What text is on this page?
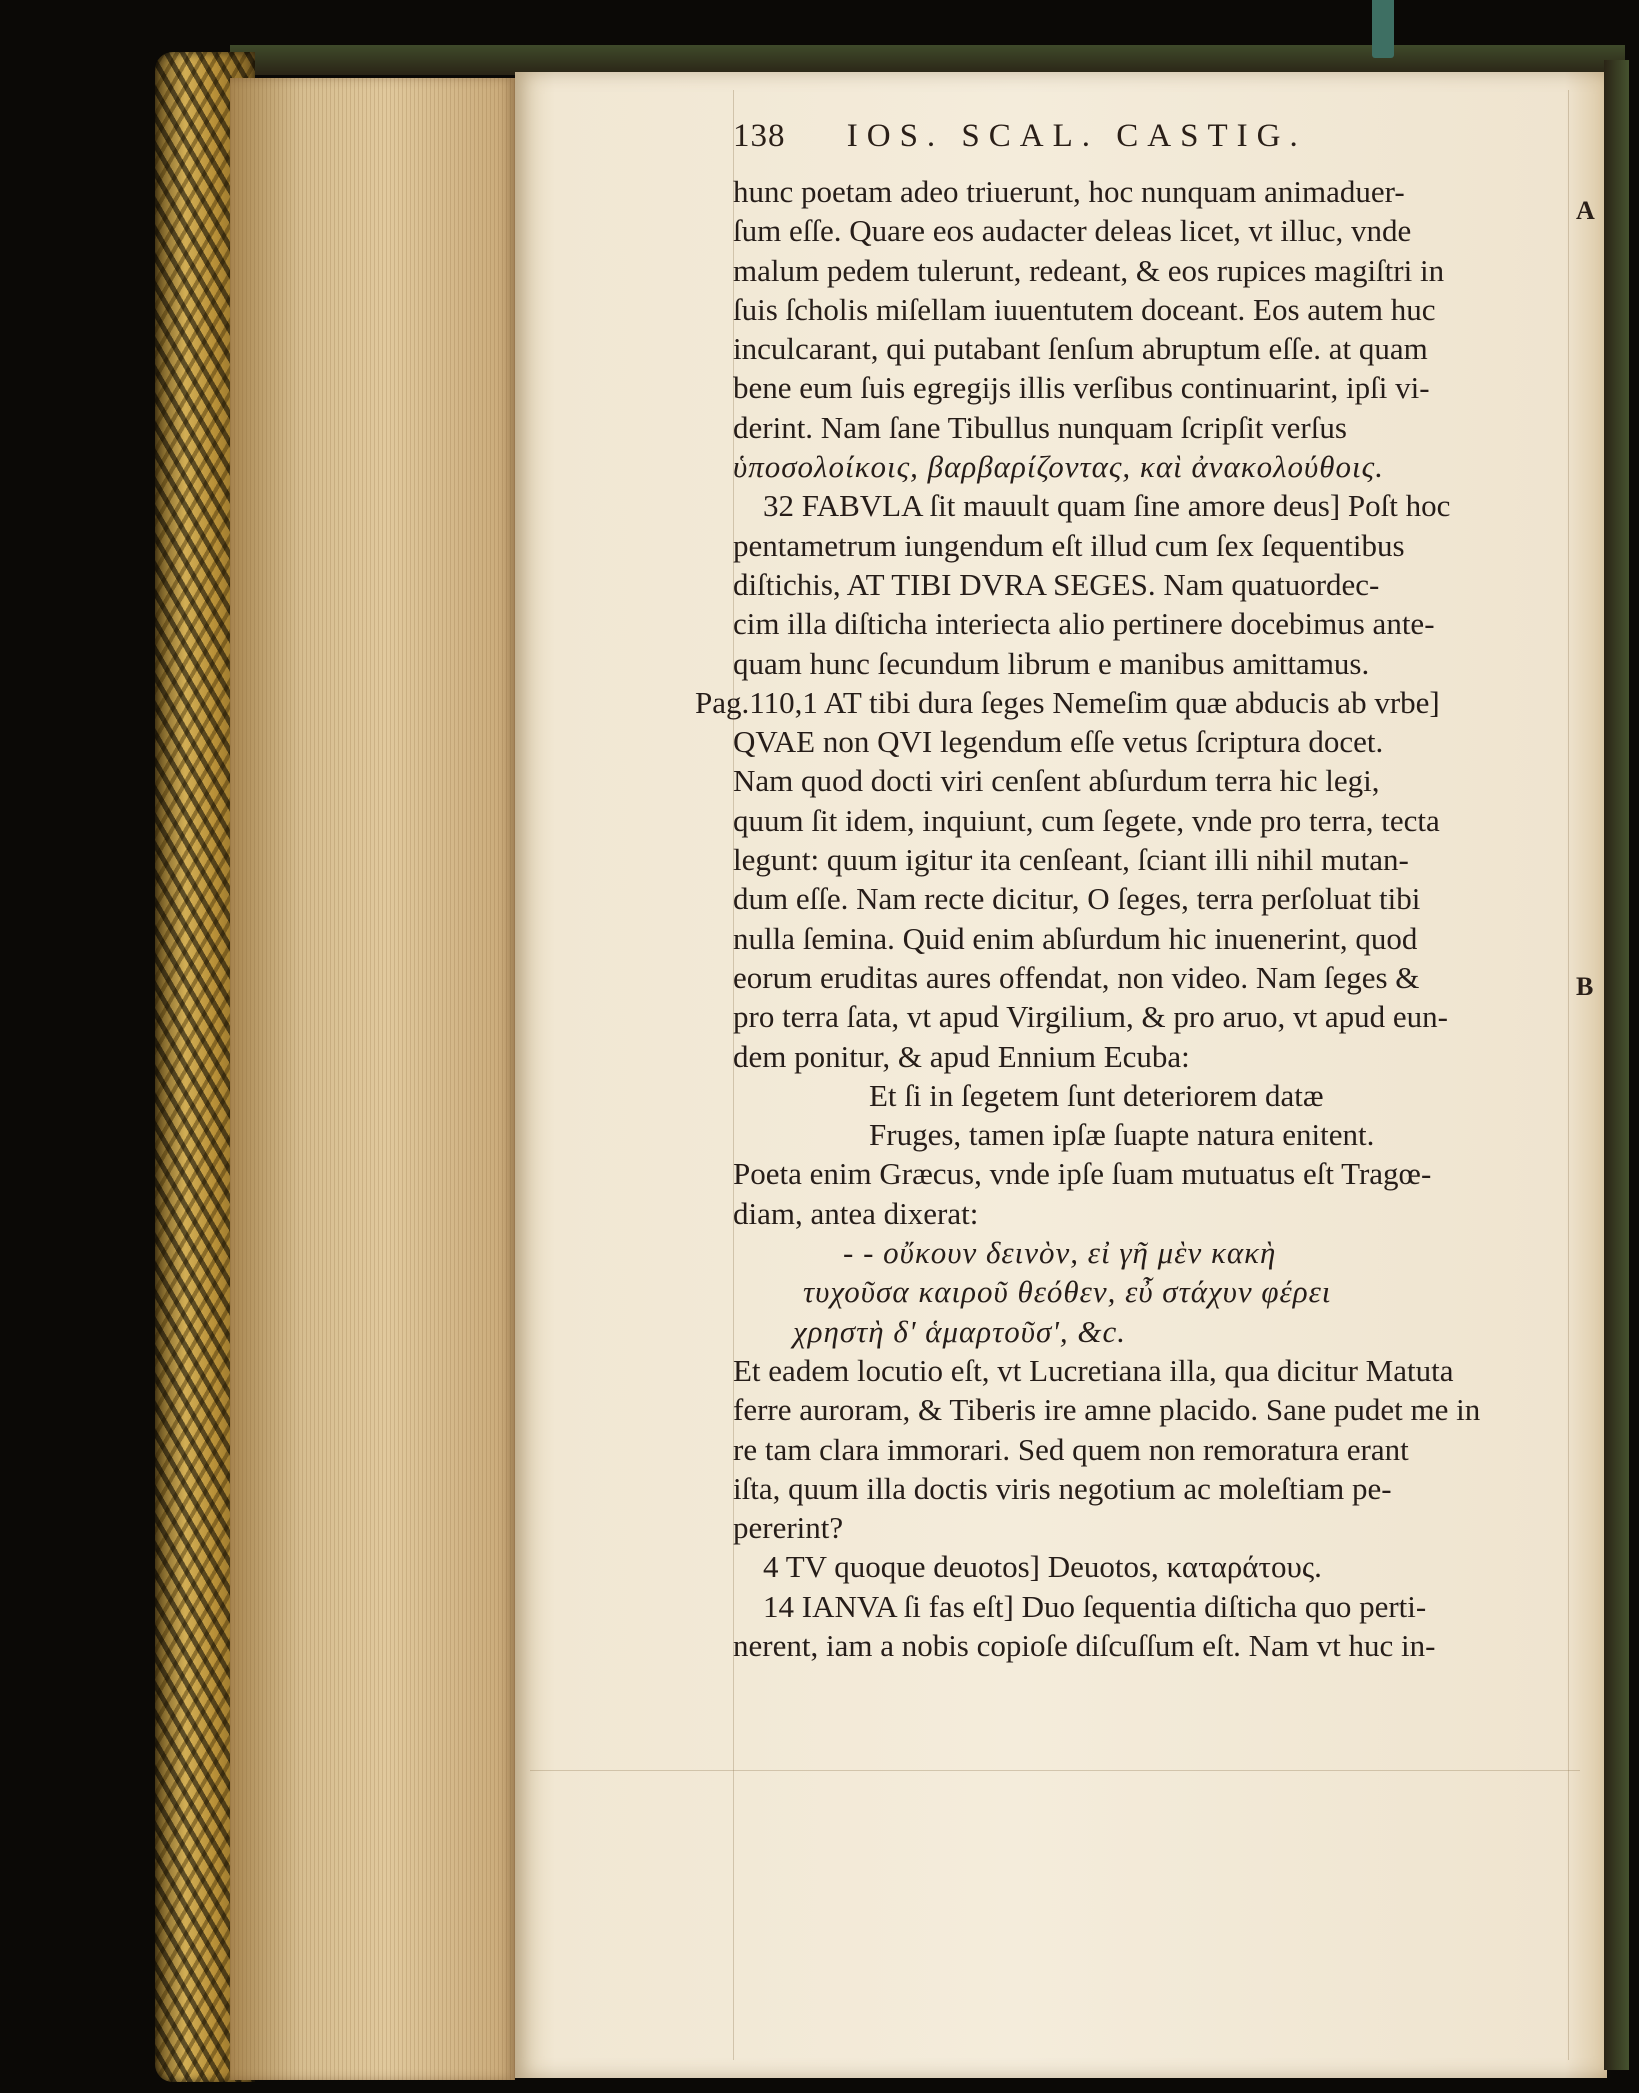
138 IOS. SCAL. CASTIG.
A
B
hunc poetam adeo triuerunt, hoc nunquam animaduer-
ſum eſſe. Quare eos audacter deleas licet, vt illuc, vnde
malum pedem tulerunt, redeant, & eos rupices magiſtri in
ſuis ſcholis miſellam iuuentutem doceant. Eos autem huc
inculcarant, qui putabant ſenſum abruptum eſſe. at quam
bene eum ſuis egregijs illis verſibus continuarint, ipſi vi-
derint. Nam ſane Tibullus nunquam ſcripſit verſus
ὑποσολοίκοις, βαρβαρίζοντας, καὶ ἀνακολούθοις.
32 FABVLA ſit mauult quam ſine amore deus] Poſt hoc
pentametrum iungendum eſt illud cum ſex ſequentibus
diſtichis, AT TIBI DVRA SEGES. Nam quatuordec-
cim illa diſticha interiecta alio pertinere docebimus ante-
quam hunc ſecundum librum e manibus amittamus.
Pag.110,1 AT tibi dura ſeges Nemeſim quæ abducis ab vrbe]
QVAE non QVI legendum eſſe vetus ſcriptura docet.
Nam quod docti viri cenſent abſurdum terra hic legi,
quum ſit idem, inquiunt, cum ſegete, vnde pro terra, tecta
legunt: quum igitur ita cenſeant, ſciant illi nihil mutan-
dum eſſe. Nam recte dicitur, O ſeges, terra perſoluat tibi
nulla ſemina. Quid enim abſurdum hic inuenerint, quod
eorum eruditas aures offendat, non video. Nam ſeges &
pro terra ſata, vt apud Virgilium, & pro aruo, vt apud eun-
dem ponitur, & apud Ennium Ecuba:
Et ſi in ſegetem ſunt deteriorem datæ
Fruges, tamen ipſæ ſuapte natura enitent.
Poeta enim Græcus, vnde ipſe ſuam mutuatus eſt Tragœ-
diam, antea dixerat:
- - οὔκουν δεινὸν, εἰ γῆ μὲν κακὴ
τυχοῦσα καιροῦ θεόθεν, εὖ στάχυν φέρει
χρηστὴ δ' ἁμαρτοῦσ', &c.
Et eadem locutio eſt, vt Lucretiana illa, qua dicitur Matuta
ferre auroram, & Tiberis ire amne placido. Sane pudet me in
re tam clara immorari. Sed quem non remoratura erant
iſta, quum illa doctis viris negotium ac moleſtiam pe-
pererint?
4 TV quoque deuotos] Deuotos, καταράτους.
14 IANVA ſi fas eſt] Duo ſequentia diſticha quo perti-
nerent, iam a nobis copioſe diſcuſſum eſt. Nam vt huc in-
